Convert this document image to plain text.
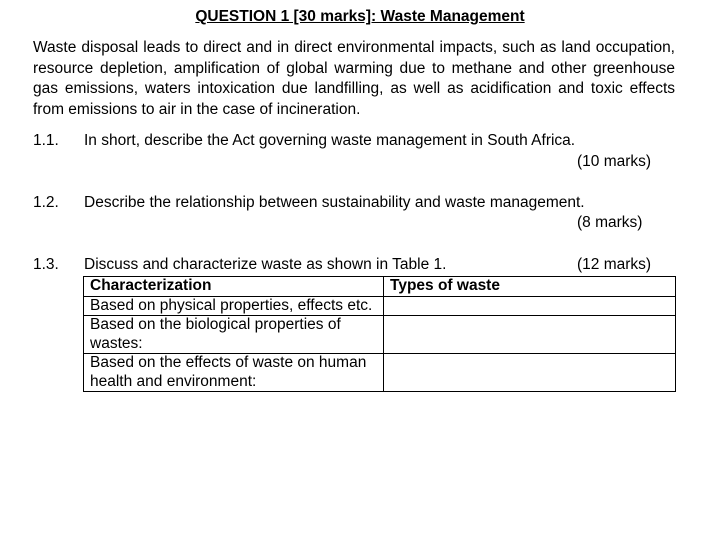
QUESTION 1 [30 marks]: Waste Management
Waste disposal leads to direct and in direct environmental impacts, such as land occupation, resource depletion, amplification of global warming due to methane and other greenhouse gas emissions, waters intoxication due landfilling, as well as acidification and toxic effects from emissions to air in the case of incineration.
1.1. In short, describe the Act governing waste management in South Africa.
(10 marks)
1.2. Describe the relationship between sustainability and waste management.
(8 marks)
1.3. Discuss and characterize waste as shown in Table 1.	(12 marks)
Characterization	Types of waste
Based on physical properties, effects etc.	
Based on the biological properties of wastes:	
Based on the effects of waste on human health and environment:	
